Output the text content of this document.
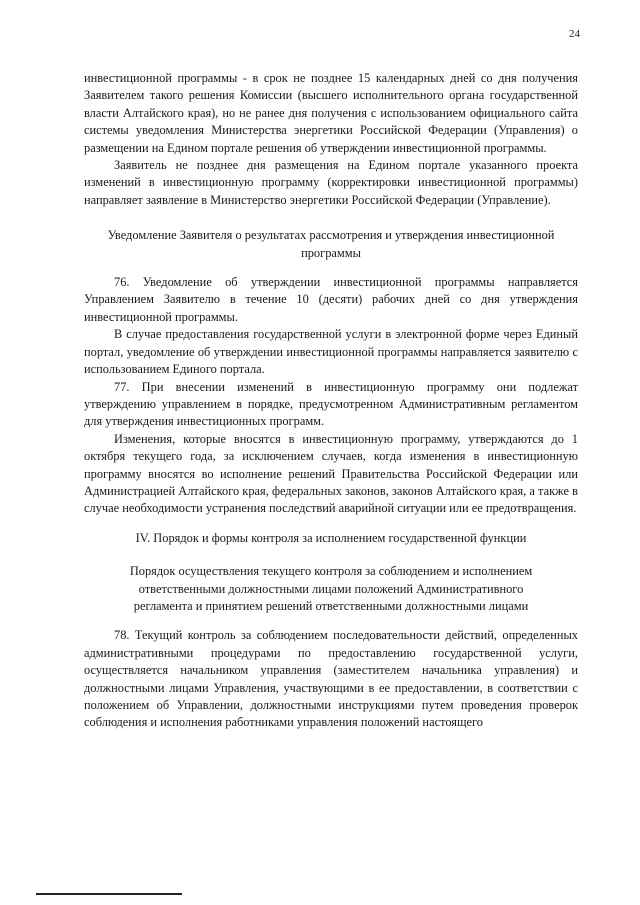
24

инвестиционной программы - в срок не позднее 15 календарных дней со дня получения Заявителем такого решения Комиссии (высшего исполнительного органа государственной власти Алтайского края), но не ранее дня получения с использованием официального сайта системы уведомления Министерства энергетики Российской Федерации (Управления) о размещении на Едином портале решения об утверждении инвестиционной программы.

Заявитель не позднее дня размещения на Едином портале указанного проекта изменений в инвестиционную программу (корректировки инвестиционной программы) направляет заявление в Министерство энергетики Российской Федерации (Управление).

Уведомление Заявителя о результатах рассмотрения и утверждения инвестиционной программы

76. Уведомление об утверждении инвестиционной программы направляется Управлением Заявителю в течение 10 (десяти) рабочих дней со дня утверждения инвестиционной программы.

В случае предоставления государственной услуги в электронной форме через Единый портал, уведомление об утверждении инвестиционной программы направляется заявителю с использованием Единого портала.

77. При внесении изменений в инвестиционную программу они подлежат утверждению управлением в порядке, предусмотренном Административным регламентом для утверждения инвестиционных программ.

Изменения, которые вносятся в инвестиционную программу, утверждаются до 1 октября текущего года, за исключением случаев, когда изменения в инвестиционную программу вносятся во исполнение решений Правительства Российской Федерации или Администрацией Алтайского края, федеральных законов, законов Алтайского края, а также в случае необходимости устранения последствий аварийной ситуации или ее предотвращения.

IV. Порядок и формы контроля за исполнением государственной функции

Порядок осуществления текущего контроля за соблюдением и исполнением ответственными должностными лицами положений Административного регламента и принятием решений ответственными должностными лицами

78. Текущий контроль за соблюдением последовательности действий, определенных административными процедурами по предоставлению государственной услуги, осуществляется начальником управления (заместителем начальника управления) и должностными лицами Управления, участвующими в ее предоставлении, в соответствии с положением об Управлении, должностными инструкциями путем проведения проверок соблюдения и исполнения работниками управления положений настоящего
